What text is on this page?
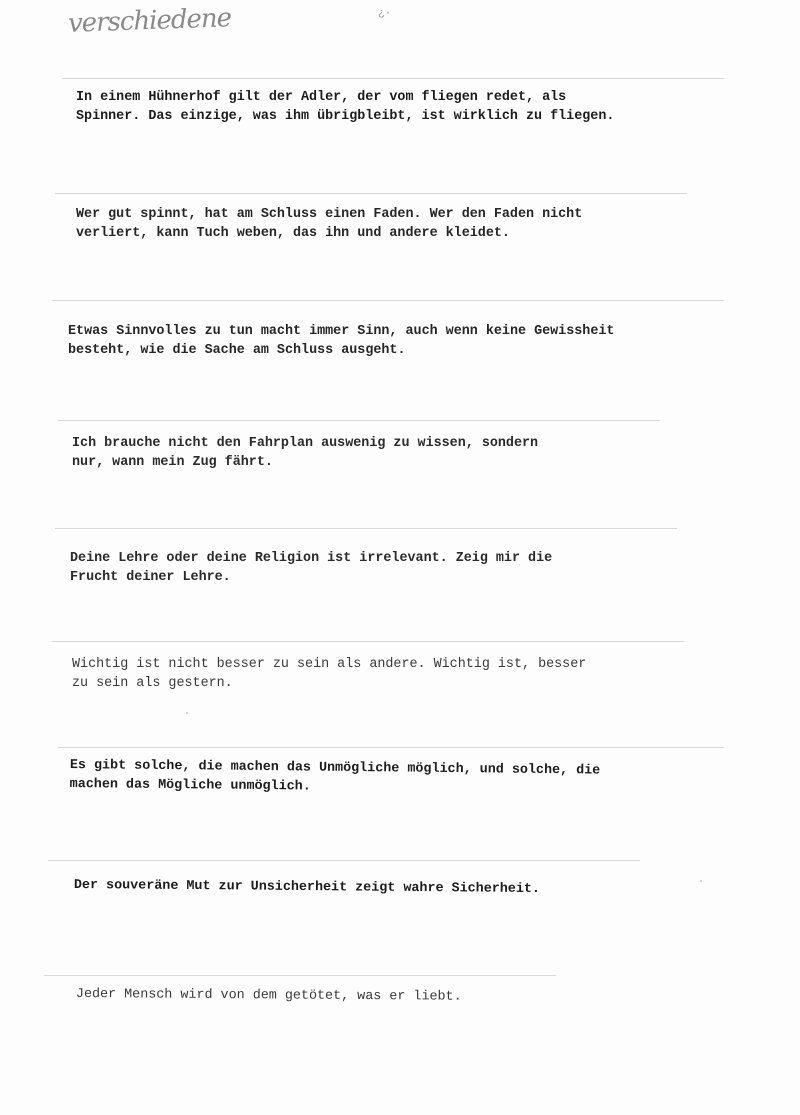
verschiedene	¿·
In einem Hühnerhof gilt der Adler, der vom fliegen redet, als
Spinner. Das einzige, was ihm übrigbleibt, ist wirklich zu fliegen.
Wer gut spinnt, hat am Schluss einen Faden. Wer den Faden nicht
verliert, kann Tuch weben, das ihn und andere kleidet.
Etwas Sinnvolles zu tun macht immer Sinn, auch wenn keine Gewissheit
besteht, wie die Sache am Schluss ausgeht.
Ich brauche nicht den Fahrplan auswenig zu wissen, sondern
nur, wann mein Zug fährt.
Deine Lehre oder deine Religion ist irrelevant. Zeig mir die
Frucht deiner Lehre.
Wichtig ist nicht besser zu sein als andere. Wichtig ist, besser
zu sein als gestern.
Es gibt solche, die machen das Unmögliche möglich, und solche, die
machen das Mögliche unmöglich.
Der souveräne Mut zur Unsicherheit zeigt wahre Sicherheit.
Jeder Mensch wird von dem getötet, was er liebt.
